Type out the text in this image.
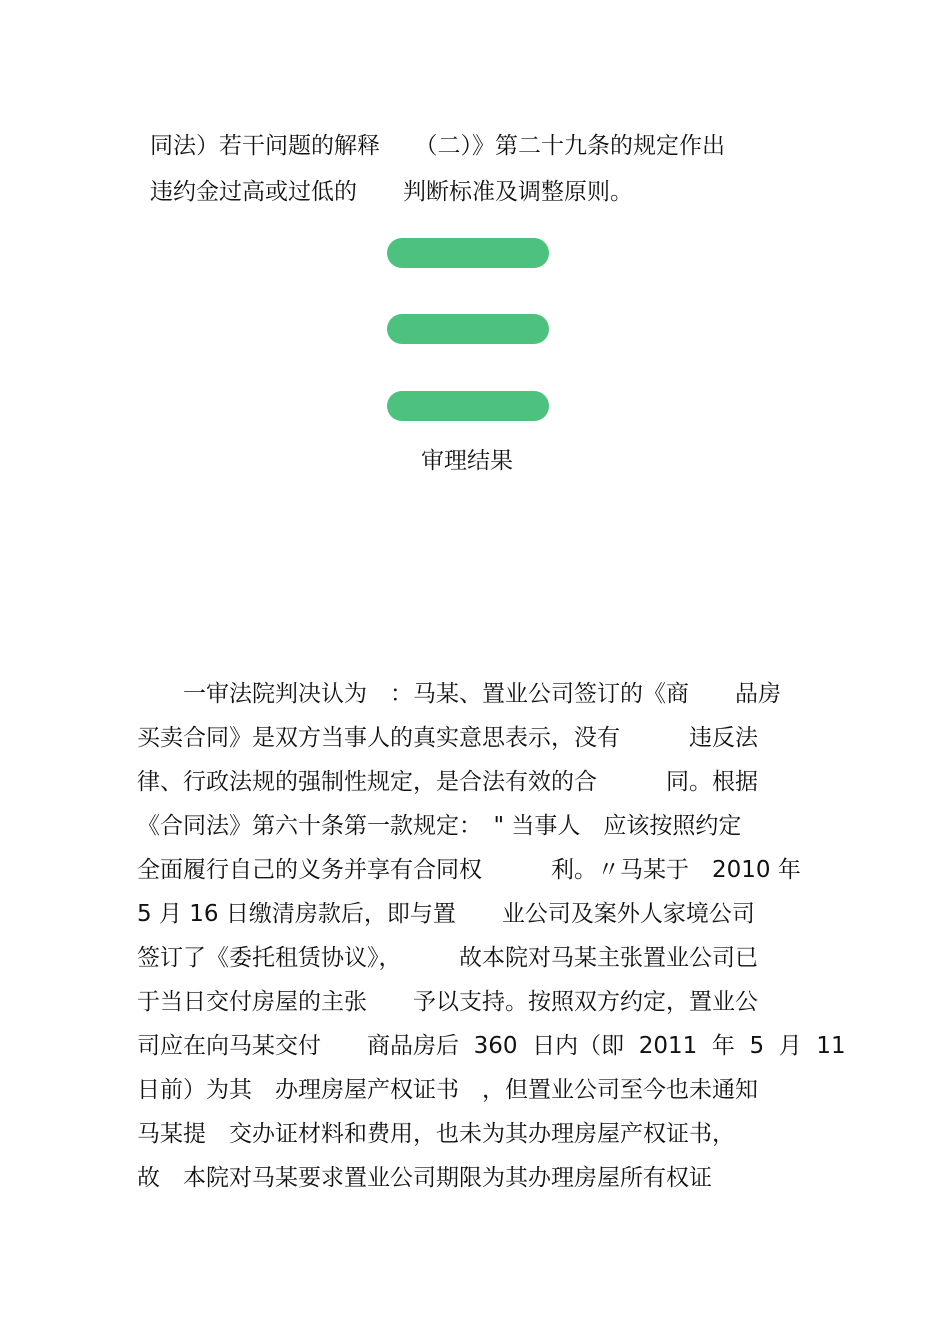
同法）若干问题的解释　　（二）》第二十九条的规定作出

违约金过高或过低的　　判断标准及调整原则。

审理结果

　　一审法院判决认为　：马某、置业公司签订的《商　　品房

买卖合同》是双方当事人的真实意思表示，没有　　　违反法

律、行政法规的强制性规定，是合法有效的合　　　同。根据

《合同法》第六十条第一款规定：　" 当事人　应该按照约定

全面履行自己的义务并享有合同权　　　利。〃马某于　2010 年

5 月 16 日缴清房款后，即与置　　业公司及案外人家境公司

签订了《委托租赁协议》，　　　故本院对马某主张置业公司已

于当日交付房屋的主张　　予以支持。按照双方约定，置业公

司应在向马某交付　　商品房后  360  日内（即  2011  年  5  月  11

日前）为其　办理房屋产权证书　，但置业公司至今也未通知

马某提　交办证材料和费用，也未为其办理房屋产权证书，

故　本院对马某要求置业公司期限为其办理房屋所有权证
